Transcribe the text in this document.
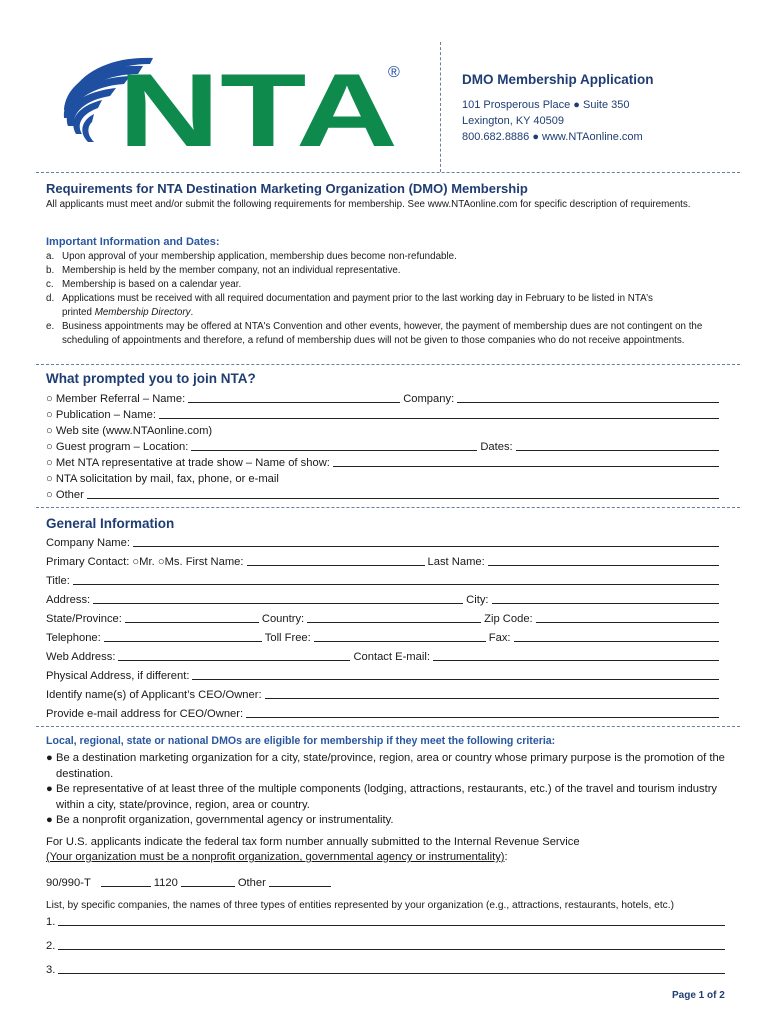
NTA
®	DMO Membership Application
101 Prosperous Place ● Suite 350
Lexington, KY 40509
800.682.8886 ● www.NTAonline.com
Requirements for NTA Destination Marketing Organization (DMO) Membership
All applicants must meet and/or submit the following requirements for membership. See www.NTAonline.com for specific description of requirements.
Important Information and Dates:
a. Upon approval of your membership application, membership dues become non-refundable.
b. Membership is held by the member company, not an individual representative.
c. Membership is based on a calendar year.
d. Applications must be received with all required documentation and payment prior to the last working day in February to be listed in NTA’s
printed Membership Directory.
e. Business appointments may be offered at NTA's Convention and other events, however, the payment of membership dues are not contingent on the scheduling of appointments and therefore, a refund of membership dues will not be given to those companies who do not receive appointments.
What prompted you to join NTA?
○ Member Referral – Name:	Company:
○ Publication – Name:
○ Web site (www.NTAonline.com)
○ Guest program – Location:	Dates:
○ Met NTA representative at trade show – Name of show:
○ NTA solicitation by mail, fax, phone, or e-mail
○ Other
General Information
Company Name:
Primary Contact: ○Mr. ○Ms. First Name:	Last Name:
Title:
Address:	City:
State/Province:	Country:	Zip Code:
Telephone:	Toll Free:	Fax:
Web Address:	Contact E-mail:
Physical Address, if different:
Identify name(s) of Applicant’s CEO/Owner:
Provide e-mail address for CEO/Owner:
Local, regional, state or national DMOs are eligible for membership if they meet the following criteria:
● Be a destination marketing organization for a city, state/province, region, area or country whose primary purpose is the promotion of the destination.
● Be representative of at least three of the multiple components (lodging, attractions, restaurants, etc.) of the travel and tourism industry within a city, state/province, region, area or country.
● Be a nonprofit organization, governmental agency or instrumentality.
For U.S. applicants indicate the federal tax form number annually submitted to the Internal Revenue Service
(Your organization must be a nonprofit organization, governmental agency or instrumentality):
90/990-T	1120	Other
List, by specific companies, the names of three types of entities represented by your organization (e.g., attractions, restaurants, hotels, etc.)
1.
2.
3.
Page 1 of 2
